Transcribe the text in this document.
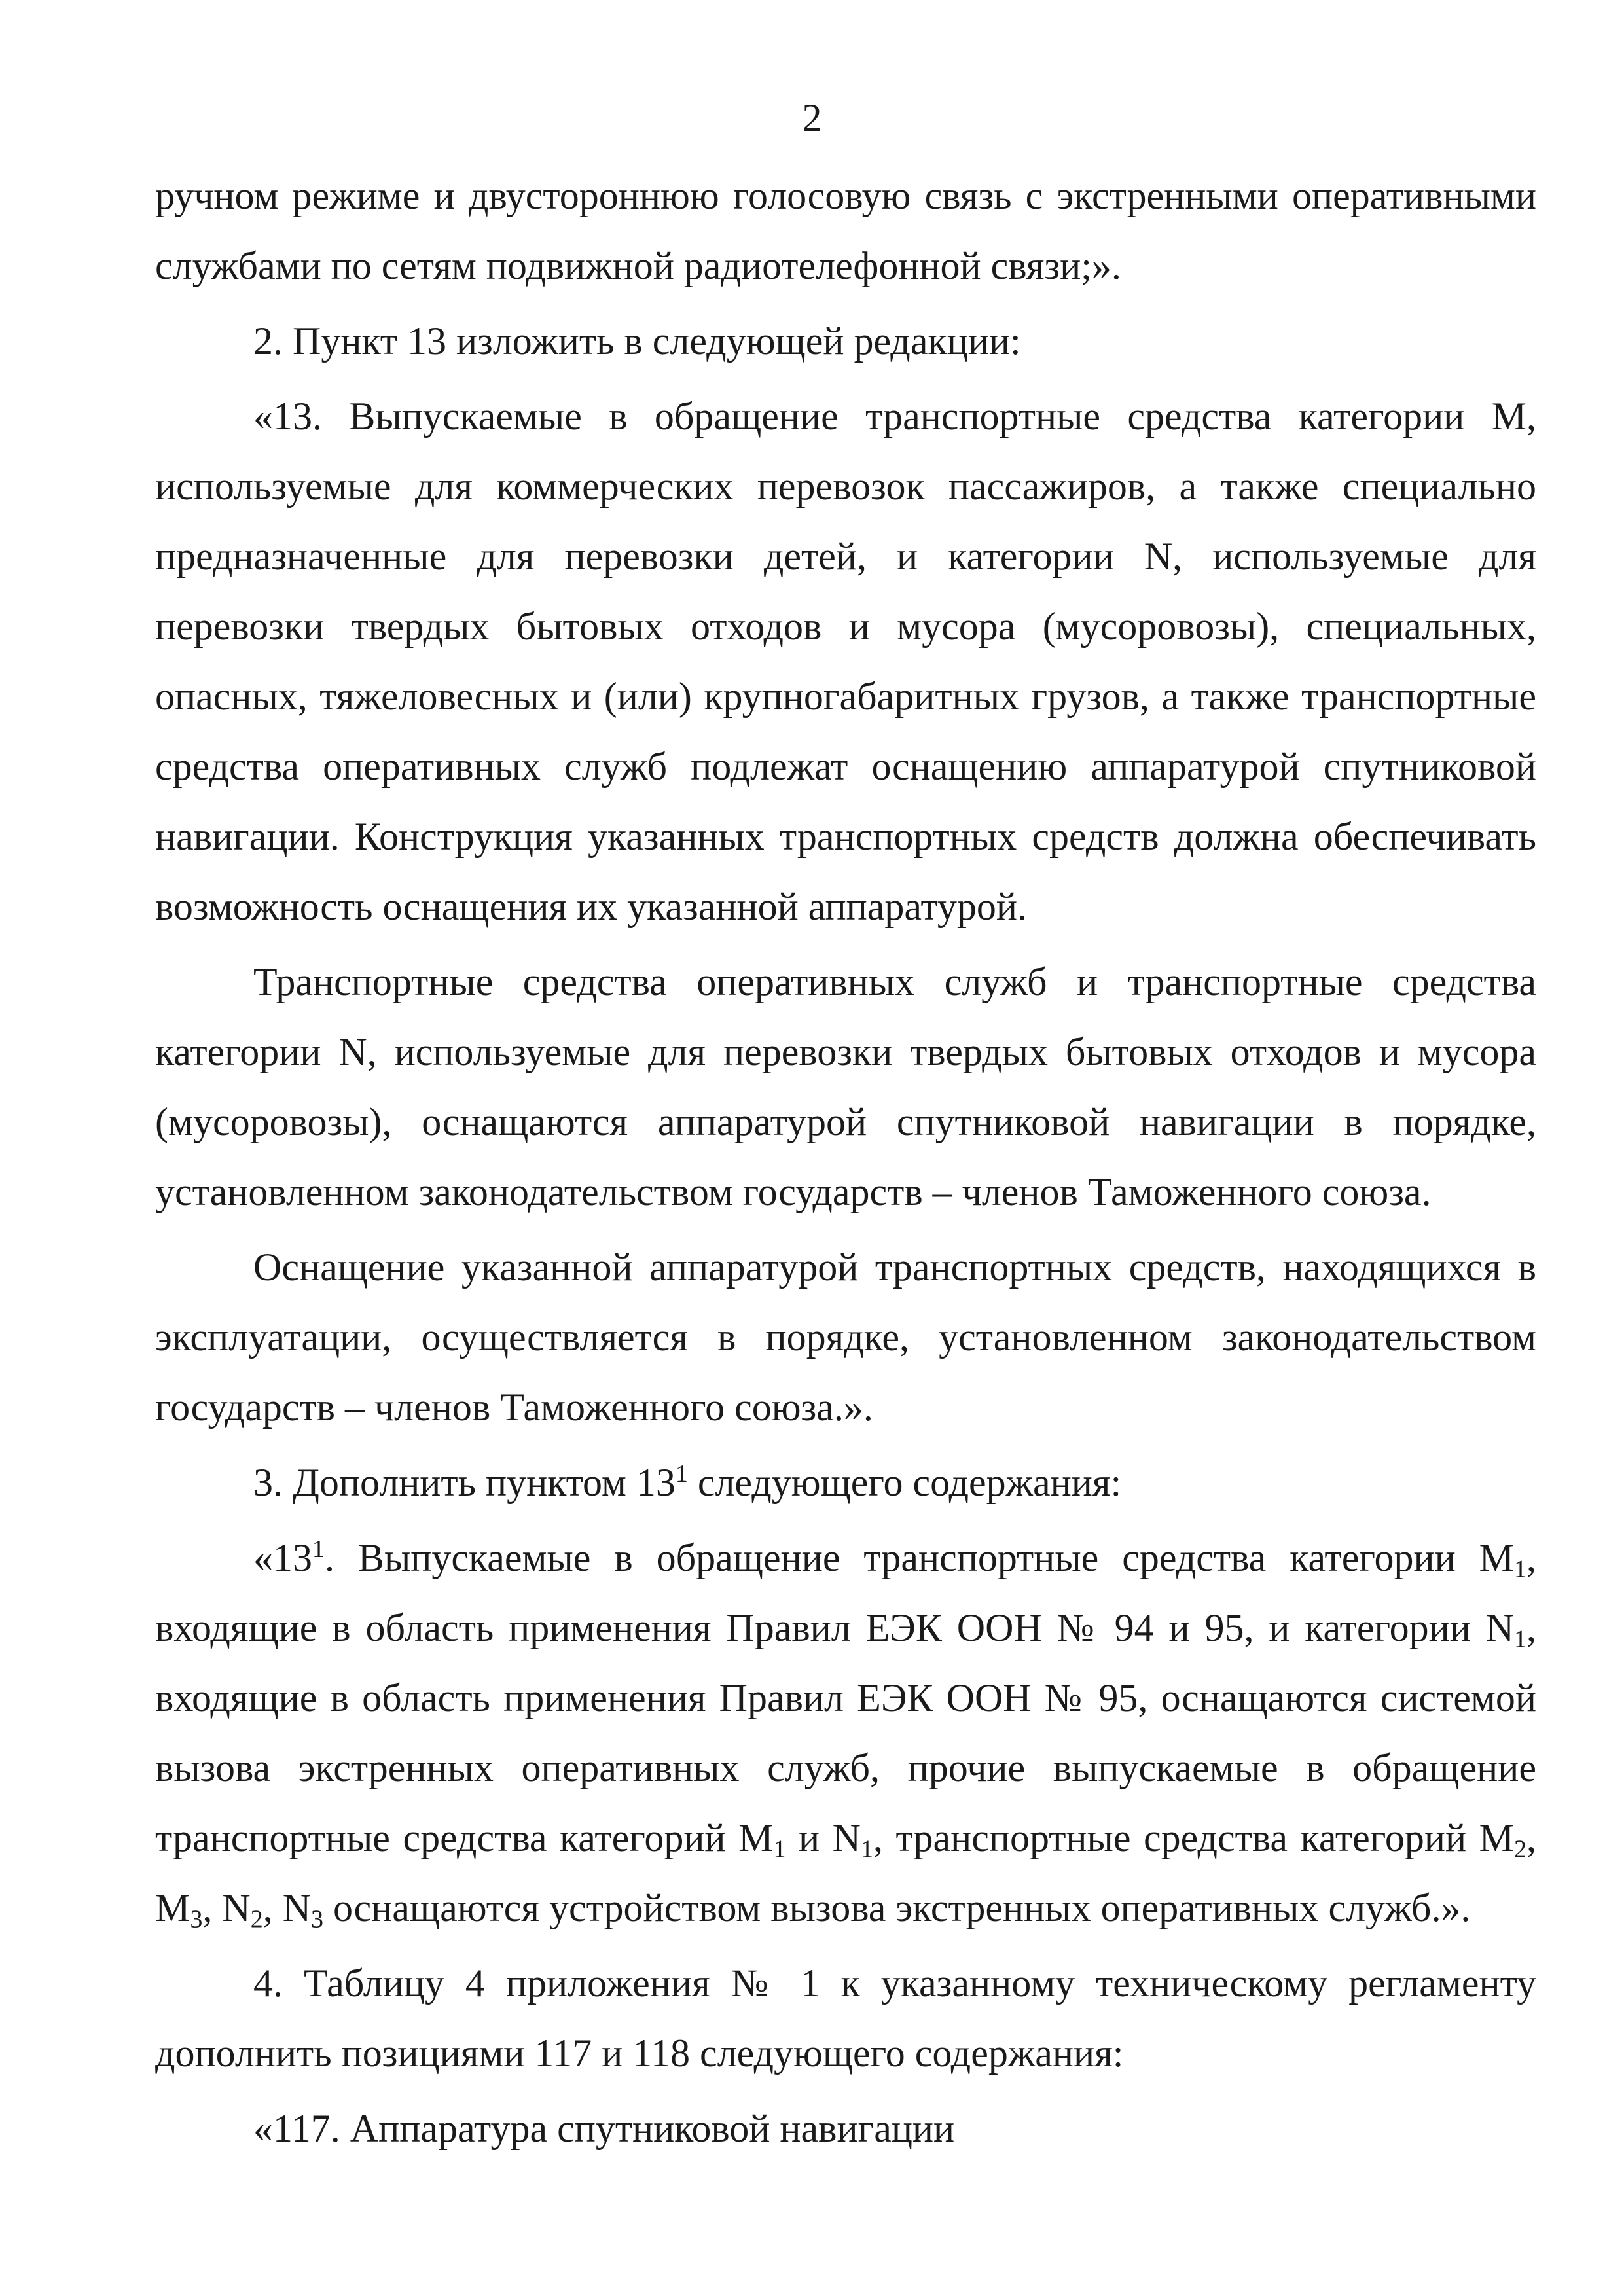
2

ручном режиме и двустороннюю голосовую связь с экстренными оперативными службами по сетям подвижной радиотелефонной связи;».

2. Пункт 13 изложить в следующей редакции:

«13. Выпускаемые в обращение транспортные средства категории M, используемые для коммерческих перевозок пассажиров, а также специально предназначенные для перевозки детей, и категории N, используемые для перевозки твердых бытовых отходов и мусора (мусоровозы), специальных, опасных, тяжеловесных и (или) крупногабаритных грузов, а также транспортные средства оперативных служб подлежат оснащению аппаратурой спутниковой навигации. Конструкция указанных транспортных средств должна обеспечивать возможность оснащения их указанной аппаратурой.

Транспортные средства оперативных служб и транспортные средства категории N, используемые для перевозки твердых бытовых отходов и мусора (мусоровозы), оснащаются аппаратурой спутниковой навигации в порядке, установленном законодательством государств – членов Таможенного союза.

Оснащение указанной аппаратурой транспортных средств, находящихся в эксплуатации, осуществляется в порядке, установленном законодательством государств – членов Таможенного союза.».

3. Дополнить пунктом $13^1$ следующего содержания:

«$13^1$. Выпускаемые в обращение транспортные средства категории $M_1$, входящие в область применения Правил ЕЭК ООН № 94 и 95, и категории $N_1$, входящие в область применения Правил ЕЭК ООН № 95, оснащаются системой вызова экстренных оперативных служб, прочие выпускаемые в обращение транспортные средства категорий $M_1$ и $N_1$, транспортные средства категорий $M_2$, $M_3$, $N_2$, $N_3$ оснащаются устройством вызова экстренных оперативных служб.».

4. Таблицу 4 приложения № 1 к указанному техническому регламенту дополнить позициями 117 и 118 следующего содержания:

«117. Аппаратура спутниковой навигации
